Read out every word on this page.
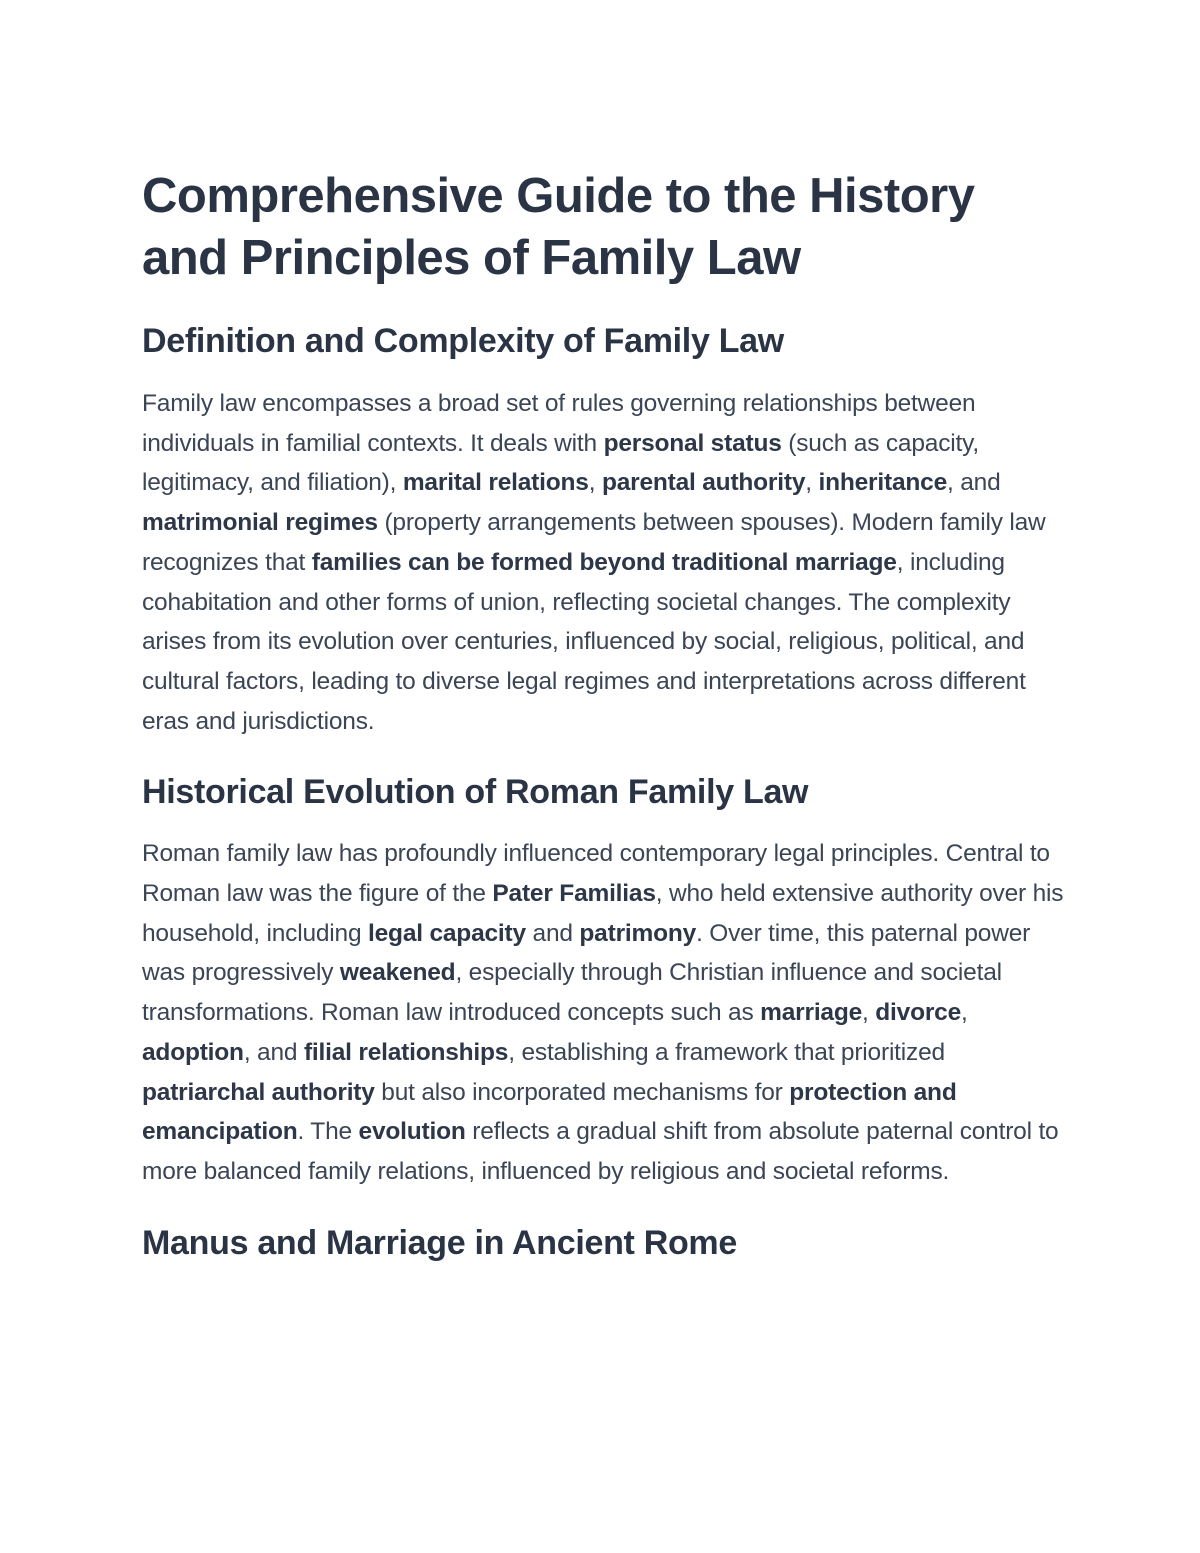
Comprehensive Guide to the History and Principles of Family Law
Definition and Complexity of Family Law

Family law encompasses a broad set of rules governing relationships between individuals in familial contexts. It deals with personal status (such as capacity, legitimacy, and filiation), marital relations, parental authority, inheritance, and matrimonial regimes (property arrangements between spouses). Modern family law recognizes that families can be formed beyond traditional marriage, including cohabitation and other forms of union, reflecting societal changes. The complexity arises from its evolution over centuries, influenced by social, religious, political, and cultural factors, leading to diverse legal regimes and interpretations across different eras and jurisdictions.

Historical Evolution of Roman Family Law

Roman family law has profoundly influenced contemporary legal principles. Central to Roman law was the figure of the Pater Familias, who held extensive authority over his household, including legal capacity and patrimony. Over time, this paternal power was progressively weakened, especially through Christian influence and societal transformations. Roman law introduced concepts such as marriage, divorce, adoption, and filial relationships, establishing a framework that prioritized patriarchal authority but also incorporated mechanisms for protection and emancipation. The evolution reflects a gradual shift from absolute paternal control to more balanced family relations, influenced by religious and societal reforms.

Manus and Marriage in Ancient Rome
